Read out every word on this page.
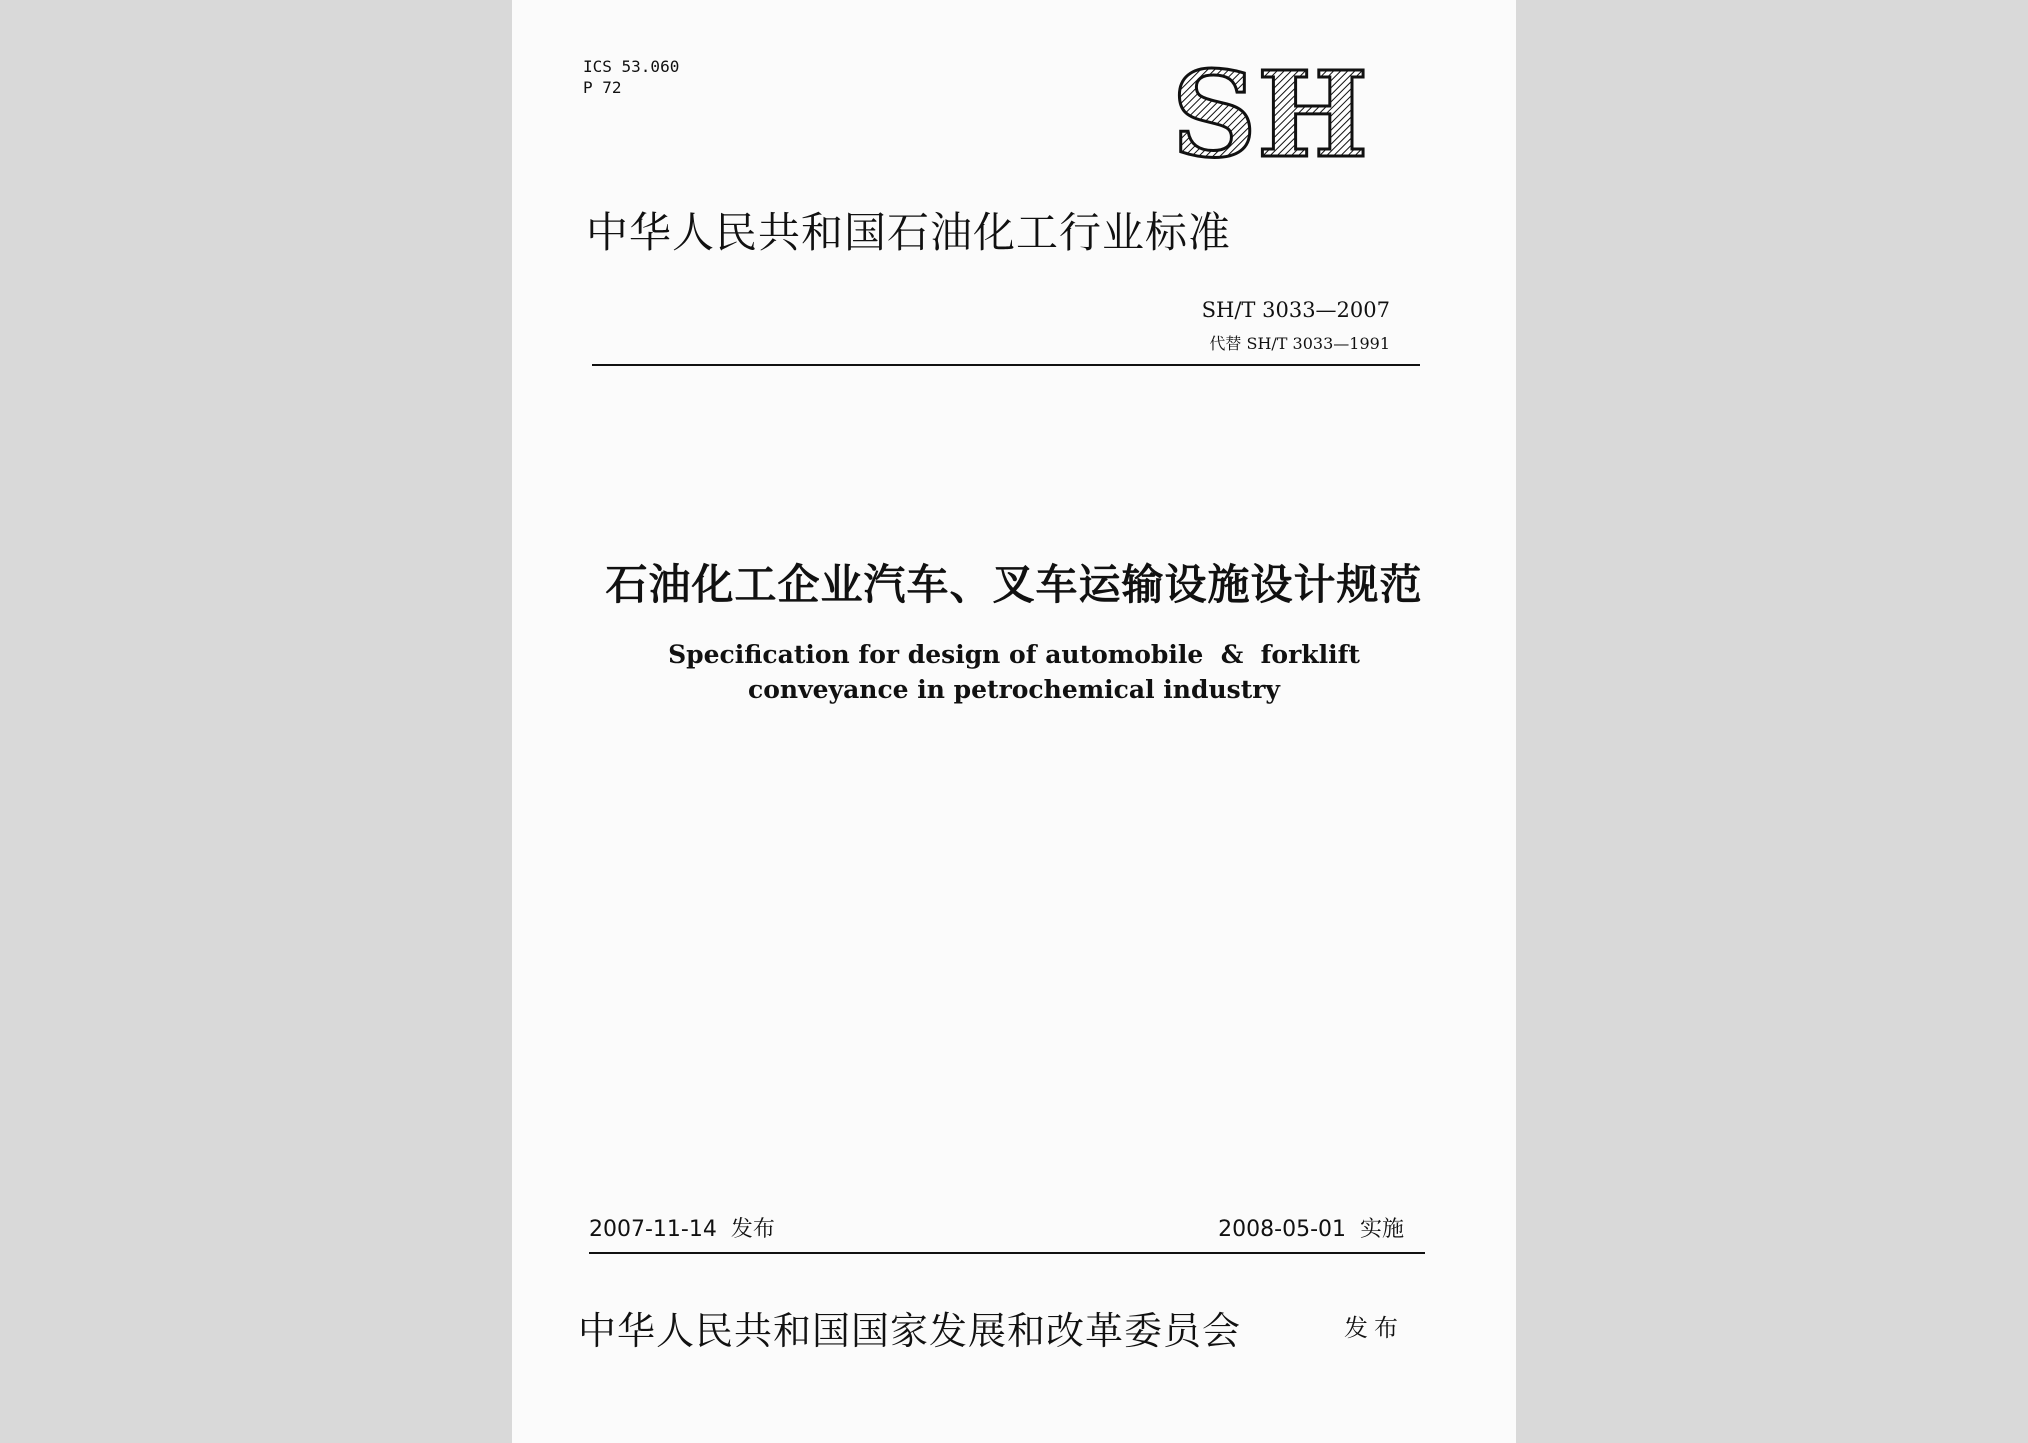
ICS 53.060
P 72	SH
中华人民共和国石油化工行业标准
SH/T 3033—2007
代替 SH/T 3033—1991
石油化工企业汽车、叉车运输设施设计规范
Specification for design of automobile  &  forklift
conveyance in petrochemical industry
2007-11-14  发布	2008-05-01  实施
中华人民共和国国家发展和改革委员会	发布
